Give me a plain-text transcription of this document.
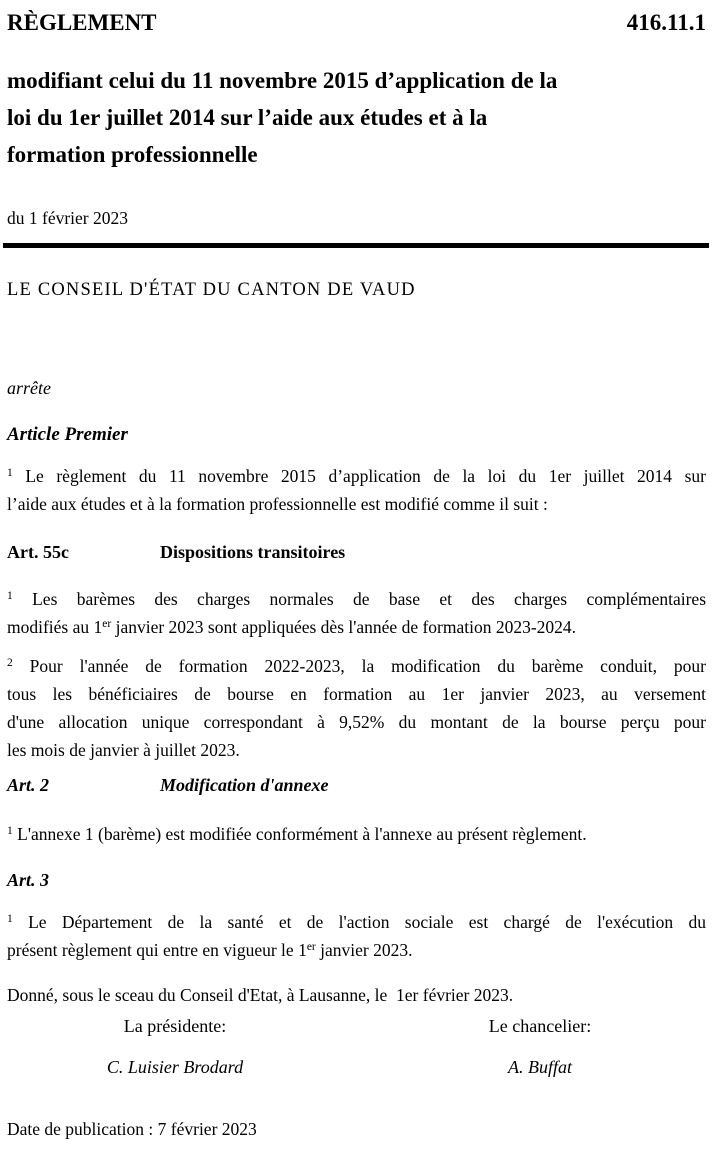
RÈGLEMENT	416.11.1
modifiant celui du 11 novembre 2015 d’application de la
loi du 1er juillet 2014 sur l’aide aux études et à la
formation professionnelle
du 1 février 2023
LE CONSEIL D'ÉTAT DU CANTON DE VAUD
arrête
Article Premier

$^1$ Le règlement du 11 novembre 2015 d’application de la loi du 1er juillet 2014 sur
l’aide aux études et à la formation professionnelle est modifié comme il suit :

Art. 55c	Dispositions transitoires

$^1$ Les barèmes des charges normales de base et des charges complémentaires
modifiés au 1er janvier 2023 sont appliquées dès l'année de formation 2023-2024.

$^2$ Pour l'année de formation 2022-2023, la modification du barème conduit, pour
tous les bénéficiaires de bourse en formation au 1er janvier 2023, au versement
d'une allocation unique correspondant à 9,52% du montant de la bourse perçu pour
les mois de janvier à juillet 2023.

Art. 2	Modification d'annexe

$^1$ L'annexe 1 (barème) est modifiée conformément à l'annexe au présent règlement.

Art. 3

$^1$ Le Département de la santé et de l'action sociale est chargé de l'exécution du
présent règlement qui entre en vigueur le 1er janvier 2023.

Donné, sous le sceau du Conseil d'Etat, à Lausanne, le  1er février 2023.
La présidente:	Le chancelier:
C. Luisier Brodard	A. Buffat
Date de publication : 7 février 2023
